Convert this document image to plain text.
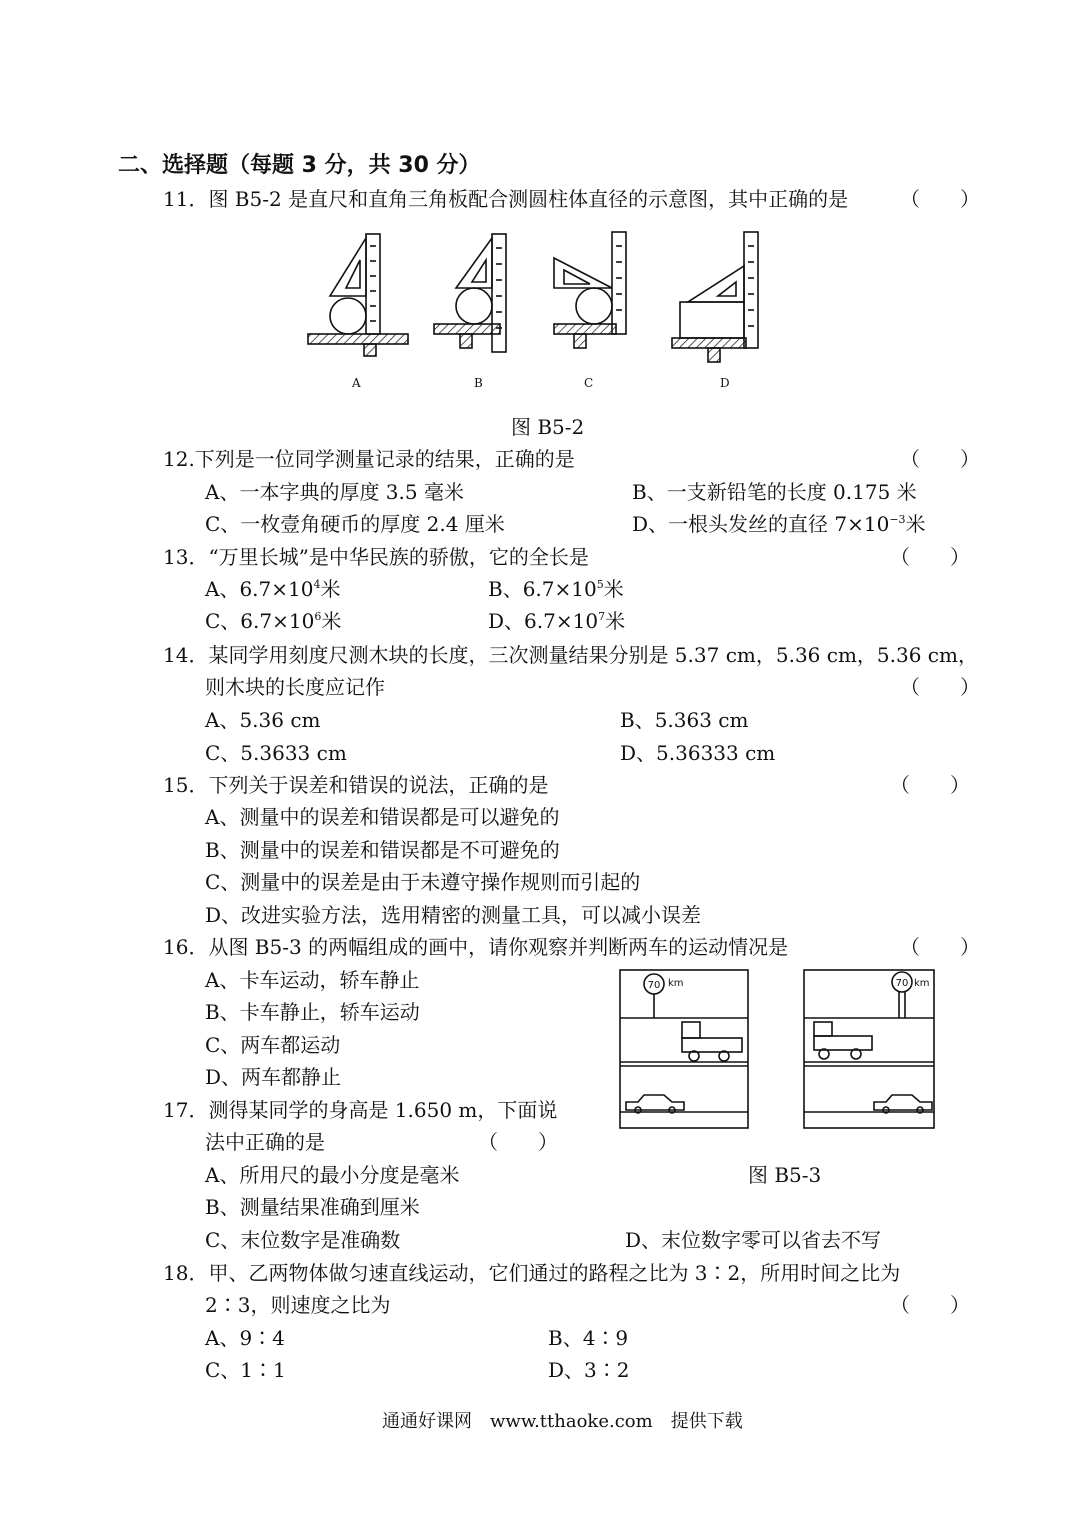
二、选择题（每题 3 分，共 30 分）
11．图 B5-2 是直尺和直角三角板配合测圆柱体直径的示意图，其中正确的是	（　　）
A	B	C	D
图 B5-2
12.下列是一位同学测量记录的结果，正确的是	（　　）
A、一本字典的厚度 3.5 毫米	B、一支新铅笔的长度 0.175 米
C、一枚壹角硬币的厚度 2.4 厘米	D、一根头发丝的直径 $7\times 10^{-3}$米
13．“万里长城”是中华民族的骄傲，它的全长是	（　　）
A、$6.7\times 10^4$米	B、$6.7\times 10^5$米
C、$6.7\times 10^6$米	D、$6.7\times 10^7$米
14．某同学用刻度尺测木块的长度，三次测量结果分别是 5.37 cm，5.36 cm，5.36 cm，
则木块的长度应记作	（　　）
A、5.36 cm	B、5.363 cm
C、5.3633 cm	D、5.36333 cm
15．下列关于误差和错误的说法，正确的是	（　　）
A、测量中的误差和错误都是可以避免的
B、测量中的误差和错误都是不可避免的
C、测量中的误差是由于未遵守操作规则而引起的
D、改进实验方法，选用精密的测量工具，可以减小误差
16．从图 B5-3 的两幅组成的画中，请你观察并判断两车的运动情况是	（　　）
A、卡车运动，轿车静止
B、卡车静止，轿车运动
C、两车都运动
D、两车都静止
70 km	70 km
17．测得某同学的身高是 1.650 m，下面说
法中正确的是	（　　）
A、所用尺的最小分度是毫米	图 B5-3
B、测量结果准确到厘米
C、末位数字是准确数	D、末位数字零可以省去不写
18．甲、乙两物体做匀速直线运动，它们通过的路程之比为 3∶2，所用时间之比为
2∶3，则速度之比为	（　　）
A、9∶4	B、4∶9
C、1∶1	D、3∶2
通通好课网　www.tthaoke.com　提供下载
